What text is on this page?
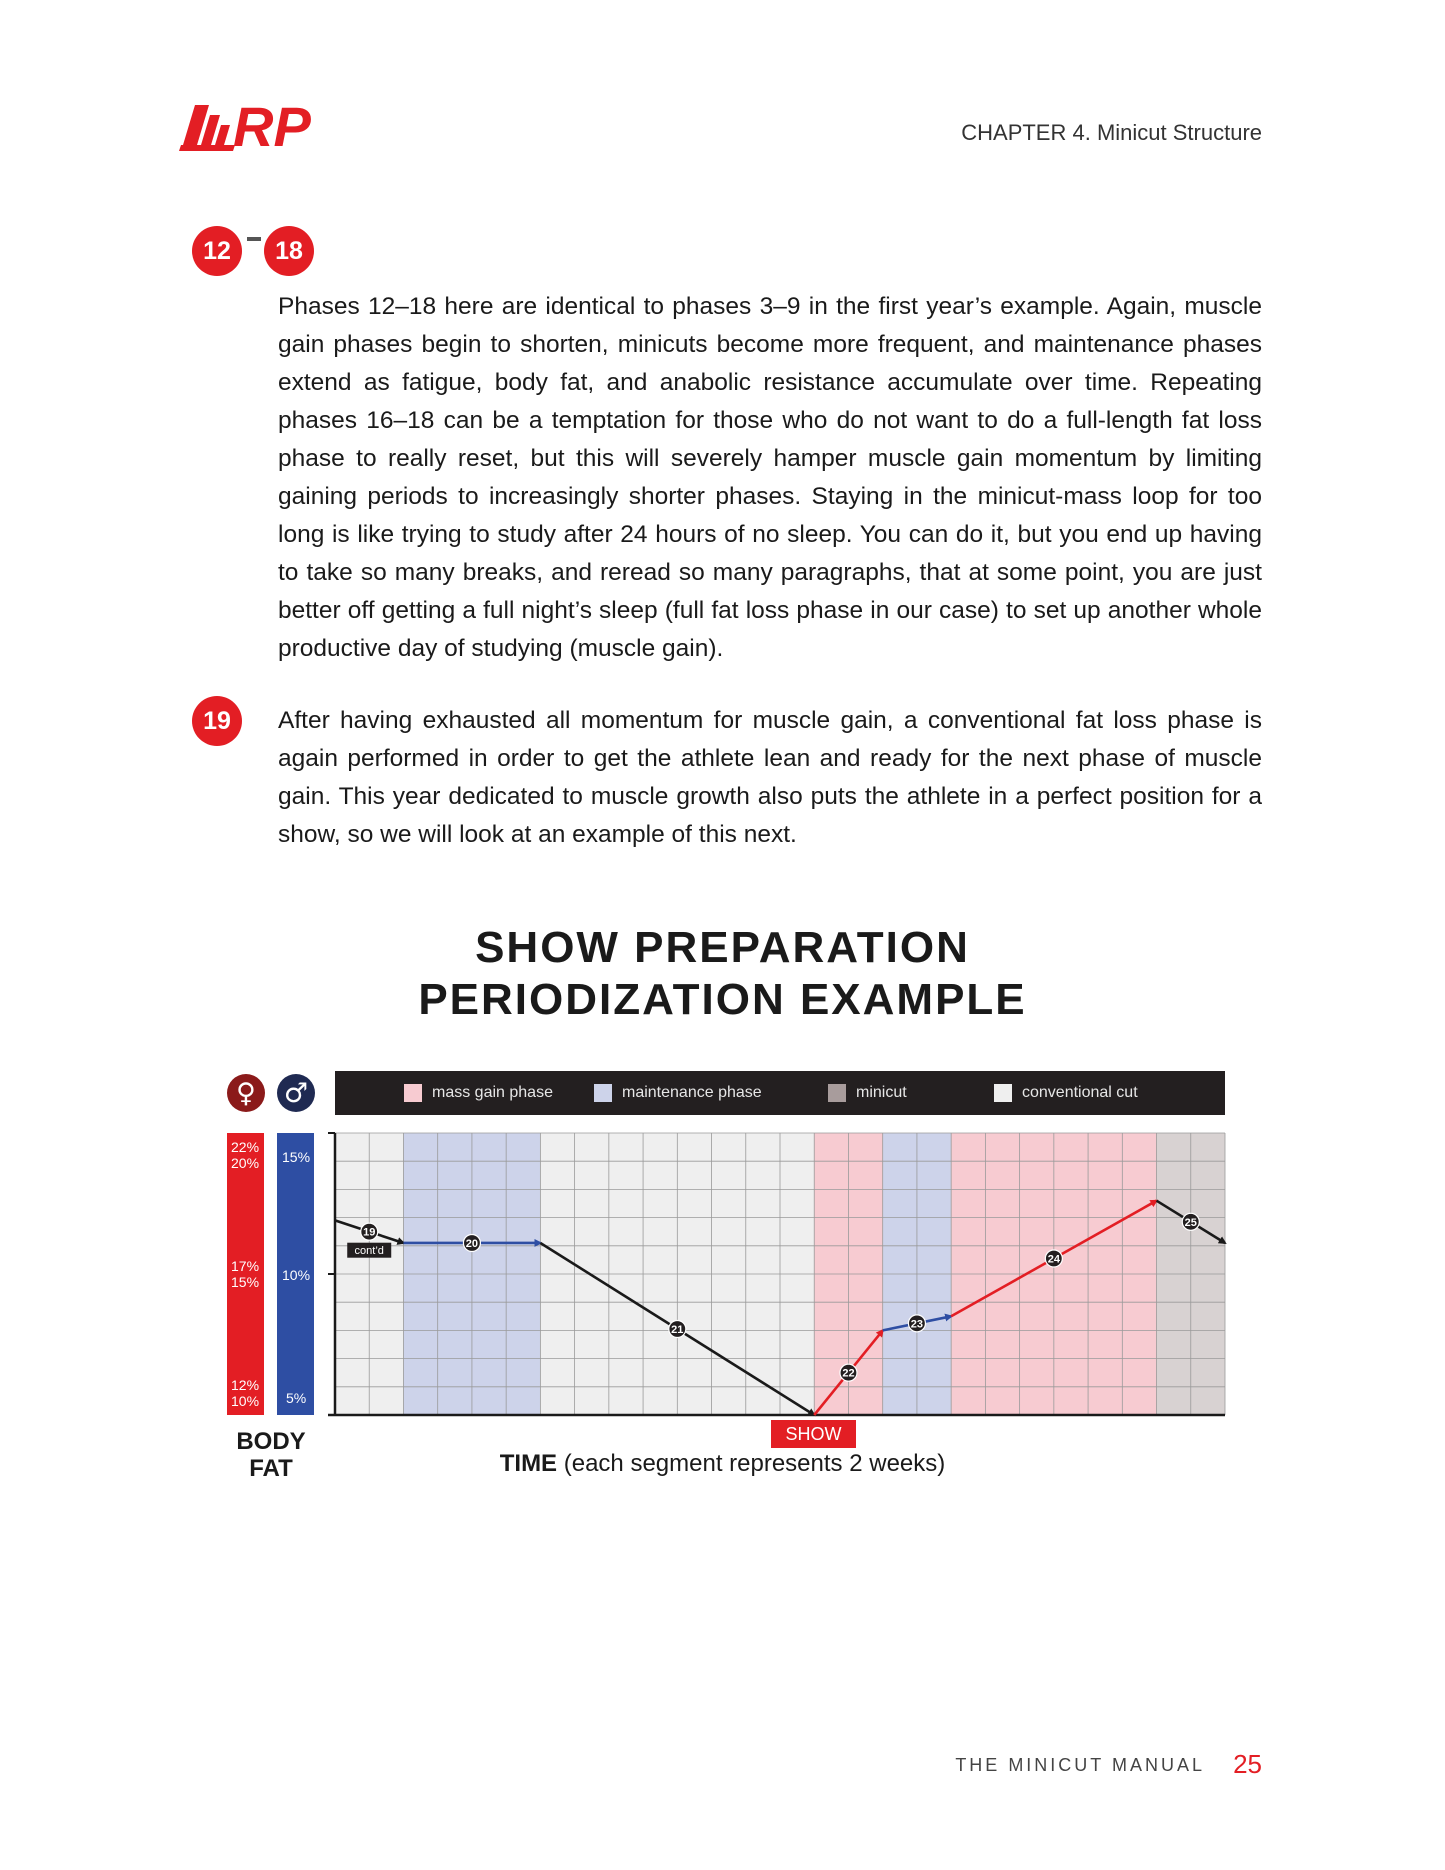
RP	CHAPTER 4. Minicut Structure
12	18

Phases 12–18 here are identical to phases 3–9 in the first year’s example. Again, muscle gain phases begin to shorten, minicuts become more frequent, and maintenance phases extend as fatigue, body fat, and anabolic resistance accumulate over time. Repeating phases 16–18 can be a temptation for those who do not want to do a full-length fat loss phase to really reset, but this will severely hamper muscle gain momentum by limiting gaining periods to increasingly shorter phases. Staying in the minicut-mass loop for too long is like trying to study after 24 hours of no sleep. You can do it, but you end up having to take so many breaks, and reread so many paragraphs, that at some point, you are just better off getting a full night’s sleep (full fat loss phase in our case) to set up another whole productive day of studying (muscle gain).

19	After having exhausted all momentum for muscle gain, a conventional fat loss phase is again performed in order to get the athlete lean and ready for the next phase of muscle gain. This year dedicated to muscle growth also puts the athlete in a perfect position for a show, so we will look at an example of this next.

SHOW PREPARATION
PERIODIZATION EXAMPLE
♀	♂	mass gain phase	maintenance phase	minicut	conventional cut
22%
20%
17%
15%
12%
10%
15%
10%
5%
19
20
21
22
23
24
25
cont’d
BODY
FAT
SHOW
TIME (each segment represents 2 weeks)
THE MINICUT MANUAL 25
